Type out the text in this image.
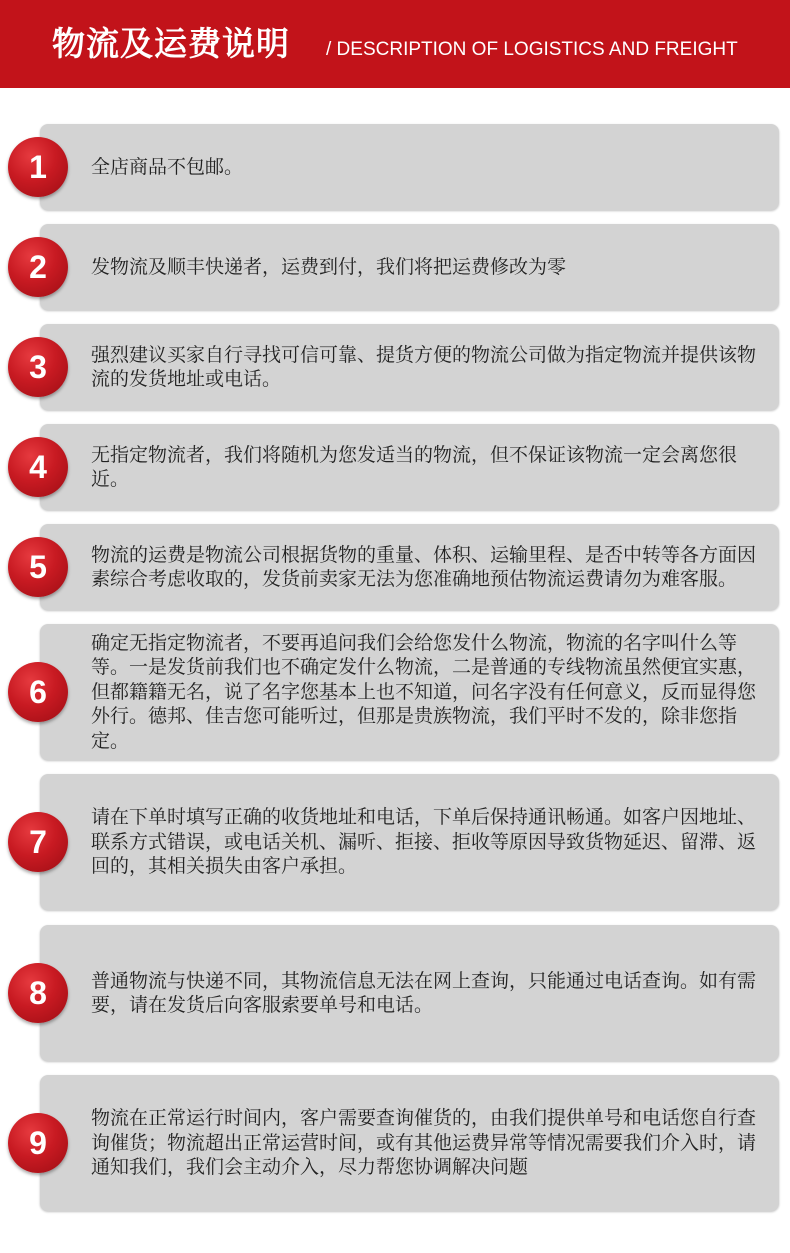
物流及运费说明 / DESCRIPTION OF LOGISTICS AND FREIGHT
1	全店商品不包邮。
2	发物流及顺丰快递者，运费到付，我们将把运费修改为零
3	强烈建议买家自行寻找可信可靠、提货方便的物流公司做为指定物流并提供该物流的发货地址或电话。
4	无指定物流者，我们将随机为您发适当的物流，但不保证该物流一定会离您很近。
5	物流的运费是物流公司根据货物的重量、体积、运输里程、是否中转等各方面因素综合考虑收取的，发货前卖家无法为您准确地预估物流运费请勿为难客服。
6
确定无指定物流者，不要再追问我们会给您发什么物流，物流的名字叫什么等等。一是发货前我们也不确定发什么物流，二是普通的专线物流虽然便宜实惠，但都籍籍无名，说了名字您基本上也不知道，问名字没有任何意义，反而显得您外行。德邦、佳吉您可能听过，但那是贵族物流，我们平时不发的，除非您指定。
7
请在下单时填写正确的收货地址和电话，下单后保持通讯畅通。如客户因地址、联系方式错误，或电话关机、漏听、拒接、拒收等原因导致货物延迟、留滞、返回的，其相关损失由客户承担。
8	普通物流与快递不同，其物流信息无法在网上查询，只能通过电话查询。如有需要，请在发货后向客服索要单号和电话。
9
物流在正常运行时间内，客户需要查询催货的，由我们提供单号和电话您自行查询催货；物流超出正常运营时间，或有其他运费异常等情况需要我们介入时，请通知我们，我们会主动介入，尽力帮您协调解决问题
